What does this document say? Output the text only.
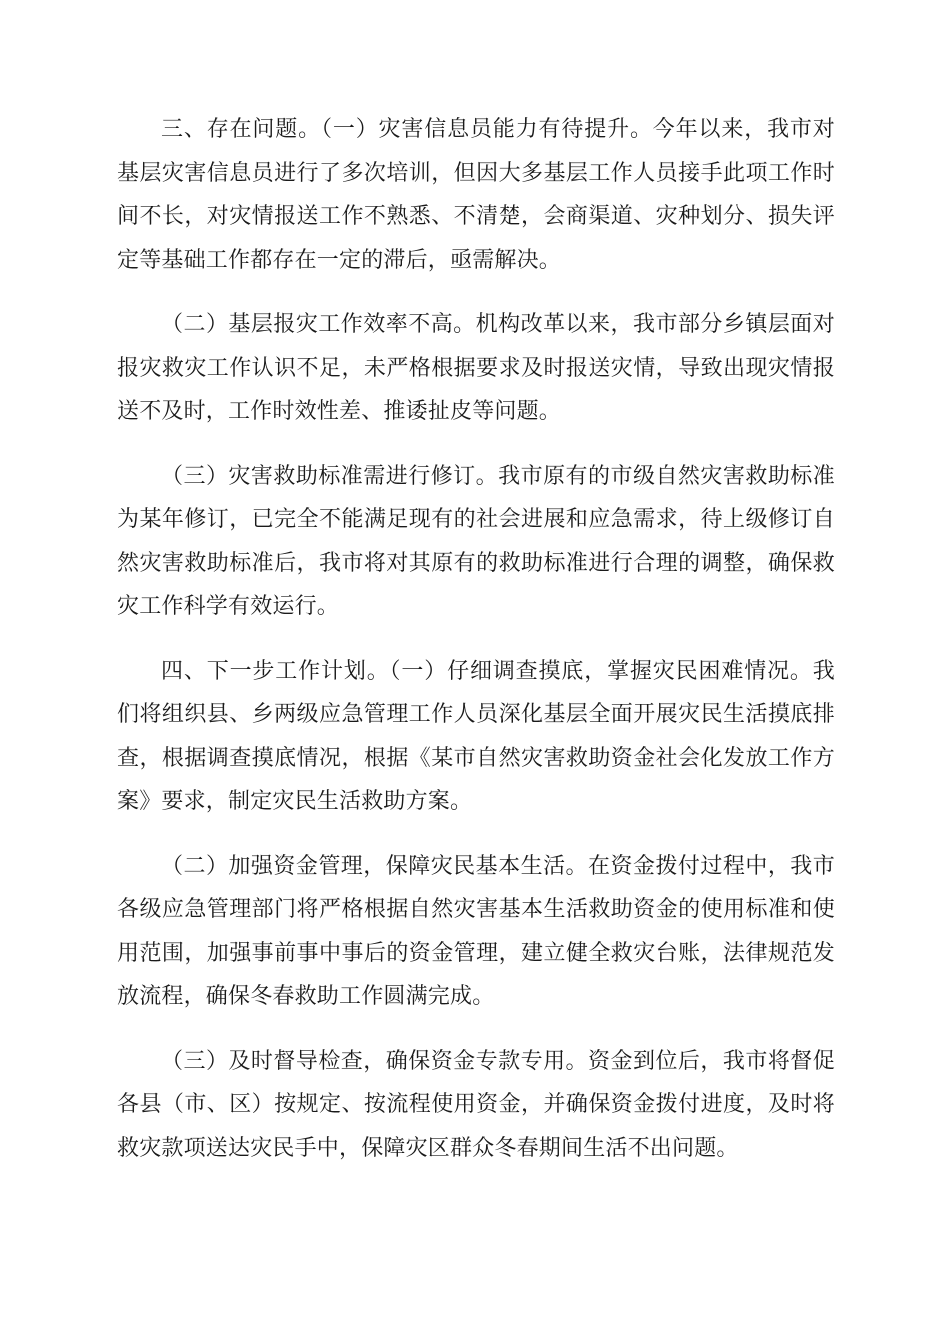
三、存在问题。（一）灾害信息员能力有待提升。今年以来，我市对基层灾害信息员进行了多次培训，但因大多基层工作人员接手此项工作时间不长，对灾情报送工作不熟悉、不清楚，会商渠道、灾种划分、损失评定等基础工作都存在一定的滞后，亟需解决。

（二）基层报灾工作效率不高。机构改革以来，我市部分乡镇层面对报灾救灾工作认识不足，未严格根据要求及时报送灾情，导致出现灾情报送不及时，工作时效性差、推诿扯皮等问题。

（三）灾害救助标准需进行修订。我市原有的市级自然灾害救助标准为某年修订，已完全不能满足现有的社会进展和应急需求，待上级修订自然灾害救助标准后，我市将对其原有的救助标准进行合理的调整，确保救灾工作科学有效运行。

四、下一步工作计划。（一）仔细调查摸底，掌握灾民困难情况。我们将组织县、乡两级应急管理工作人员深化基层全面开展灾民生活摸底排查，根据调查摸底情况，根据《某市自然灾害救助资金社会化发放工作方案》要求，制定灾民生活救助方案。

（二）加强资金管理，保障灾民基本生活。在资金拨付过程中，我市各级应急管理部门将严格根据自然灾害基本生活救助资金的使用标准和使用范围，加强事前事中事后的资金管理，建立健全救灾台账，法律规范发放流程，确保冬春救助工作圆满完成。

（三）及时督导检查，确保资金专款专用。资金到位后，我市将督促各县（市、区）按规定、按流程使用资金，并确保资金拨付进度，及时将救灾款项送达灾民手中，保障灾区群众冬春期间生活不出问题。
